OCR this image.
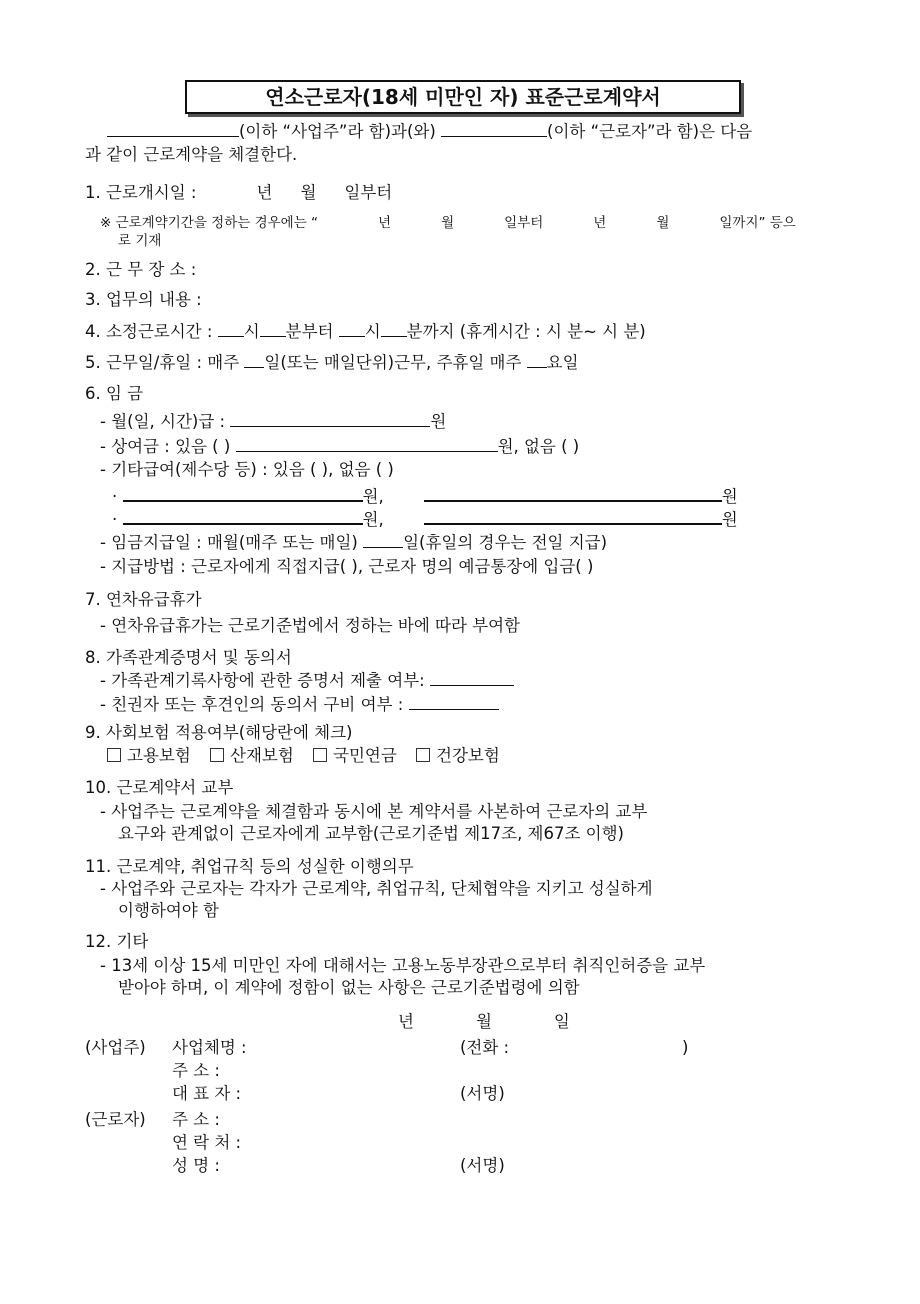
연소근로자(18세 미만인 자) 표준근로계약서
(이하 “사업주”라 함)과(와)	(이하 “근로자”라 함)은 다음
과 같이 근로계약을 체결한다.
1. 근로개시일 :	년 월 일부터
※ 근로계약기간을 정하는 경우에는 “	년	월	일부터	년	월	일까지” 등으
로 기재
2. 근 무 장 소 :
3. 업무의 내용 :
4. 소정근로시간 : 시 분부터 시 분까지 (휴게시간 : 시 분~ 시 분)
5. 근무일/휴일 : 매주 일(또는 매일단위)근무, 주휴일 매주 요일
6. 임 금
- 월(일, 시간)급 :	원
- 상여금 : 있음 ( )	원, 없음 ( )
- 기타급여(제수당 등) : 있음 ( ), 없음 ( )
·	원,	원
·	원,	원
- 임금지급일 : 매월(매주 또는 매일)	일(휴일의 경우는 전일 지급)
- 지급방법 : 근로자에게 직접지급( ), 근로자 명의 예금통장에 입금( )
7. 연차유급휴가
- 연차유급휴가는 근로기준법에서 정하는 바에 따라 부여함
8. 가족관계증명서 및 동의서
- 가족관계기록사항에 관한 증명서 제출 여부:
- 친권자 또는 후견인의 동의서 구비 여부 :
9. 사회보험 적용여부(해당란에 체크)
고용보험 산재보험 국민연금 건강보험
10. 근로계약서 교부
- 사업주는 근로계약을 체결함과 동시에 본 계약서를 사본하여 근로자의 교부
요구와 관계없이 근로자에게 교부함(근로기준법 제17조, 제67조 이행)
11. 근로계약, 취업규칙 등의 성실한 이행의무
- 사업주와 근로자는 각자가 근로계약, 취업규칙, 단체협약을 지키고 성실하게
이행하여야 함
12. 기타
- 13세 이상 15세 미만인 자에 대해서는 고용노동부장관으로부터 취직인허증을 교부
받아야 하며, 이 계약에 정함이 없는 사항은 근로기준법령에 의함
년	월	일
(사업주) 사업체명 :	(전화 :	)
주 소 :
대 표 자 :	(서명)
(근로자) 주 소 :
연 락 처 :
성 명 :	(서명)
